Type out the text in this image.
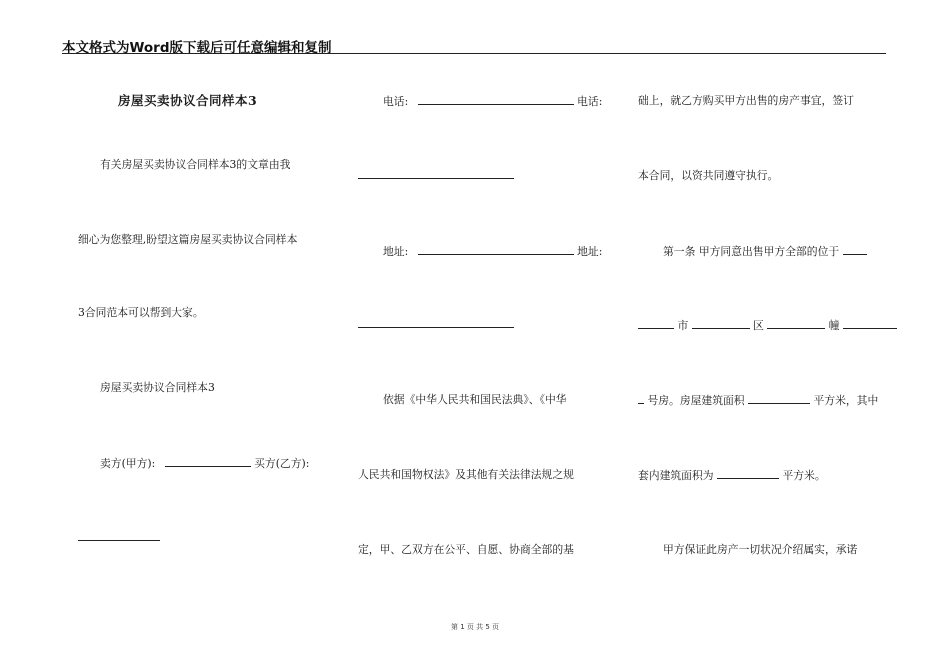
本文格式为Word版下载后可任意编辑和复制
房屋买卖协议合同样本3
有关房屋买卖协议合同样本3的文章由我
细心为您整理,盼望这篇房屋买卖协议合同样本
3合同范本可以帮到大家。
房屋买卖协议合同样本3
卖方(甲方):	买方(乙方):
电话:	电话:
地址:	地址:
依据《中华人民共和国民法典》、《中华
人民共和国物权法》及其他有关法律法规之规
定，甲、乙双方在公平、自愿、协商全部的基
础上，就乙方购买甲方出售的房产事宜，签订
本合同，以资共同遵守执行。
第一条 甲方同意出售甲方全部的位于
市	区	幢
号房。房屋建筑面积	平方米，其中
套内建筑面积为	平方米。
甲方保证此房产一切状况介绍属实，承诺
第 1 页 共 5 页
